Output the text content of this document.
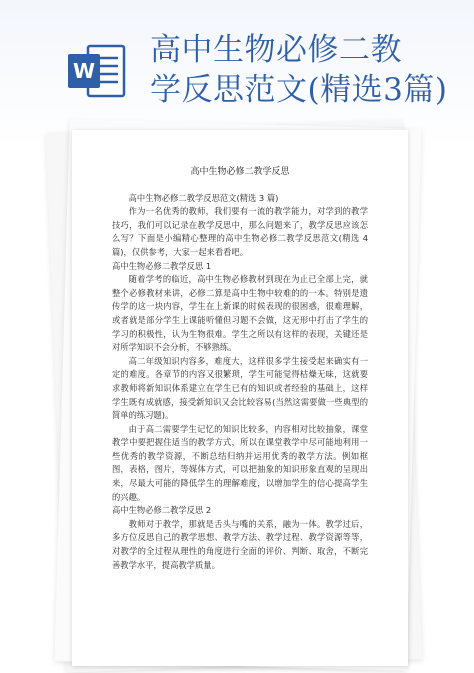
W
高中生物必修二教
学反思范文(精选3篇)
高中生物必修二教学反思

高中生物必修二教学反思范文(精选 3 篇)

作为一名优秀的教师，我们要有一流的教学能力，对学到的教学技巧，我们可以记录在教学反思中，那么问题来了，教学反思应该怎么写？下面是小编精心整理的高中生物必修二教学反思范文(精选 4 篇)，仅供参考，大家一起来看看吧。

高中生物必修二教学反思 1

随着学考的临近，高中生物必修教材到现在为止已全部上完，就整个必修教材来讲，必修二算是高中生物中较难的的一本。特别是遗传学的这一块内容，学生在上新课的时候表现的很困惑，很难理解，或者就是部分学生上课能听懂但习题不会做，这无形中打击了学生的学习的积极性，认为生物很难。学生之所以有这样的表现，关键还是对所学知识不会分析，不够熟练。

高二年级知识内容多，难度大，这样很多学生接受起来确实有一定的难度。各章节的内容又很繁琐，学生可能觉得枯燥无味，这就要求教师将新知识体系建立在学生已有的知识或者经验的基础上，这样学生既有成就感，接受新知识又会比较容易(当然这需要做一些典型的简单的练习题)。

由于高二需要学生记忆的知识比较多，内容相对比较抽象，课堂教学中要把握住适当的教学方式，所以在课堂教学中尽可能地利用一些优秀的教学资源，不断总结归纳并运用优秀的教学方法。例如框图，表格，图片，等媒体方式，可以把抽象的知识形象直观的呈现出来，尽最大可能的降低学生的理解难度，以增加学生的信心提高学生的兴趣。

高中生物必修二教学反思 2

教师对于教学，那就是舌头与嘴的关系，融为一体。教学过后，多方位反思自己的教学思想、教学方法、教学过程、教学资源等等，对教学的全过程从理性的角度进行全面的评价、判断、取舍，不断完善教学水平，提高教学质量。
